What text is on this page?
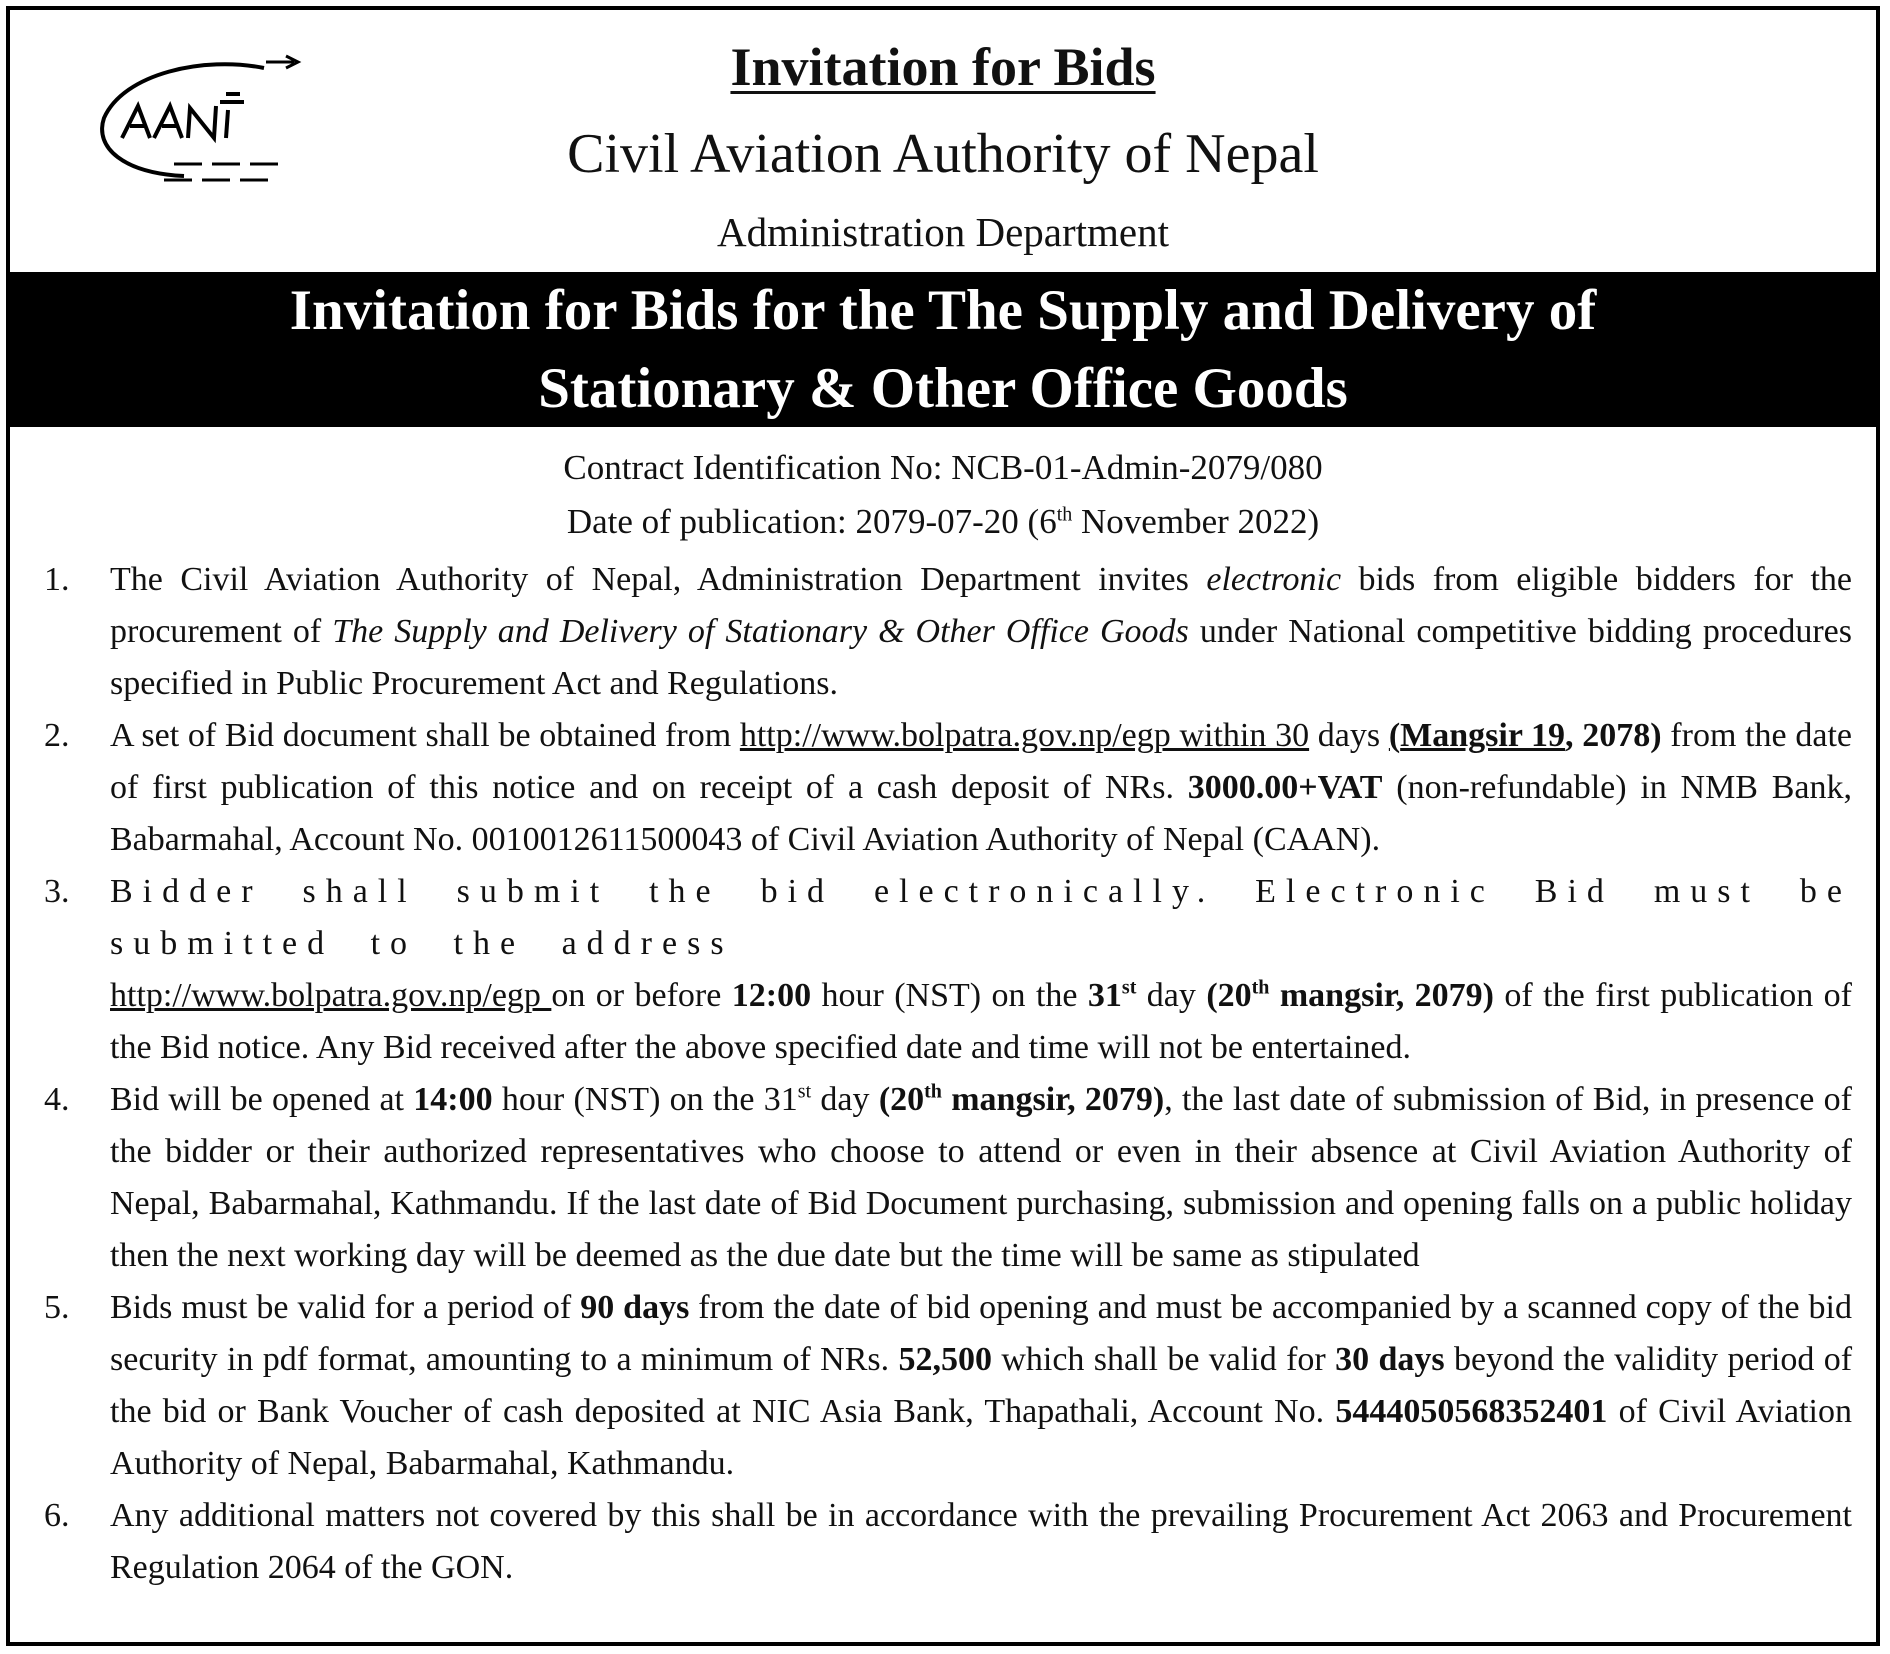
Invitation for Bids
Civil Aviation Authority of Nepal
Administration Department
Invitation for Bids for the The Supply and Delivery of
Stationary & Other Office Goods
Contract Identification No: NCB-01-Admin-2079/080
Date of publication: 2079-07-20 (6th November 2022)
1. The Civil Aviation Authority of Nepal, Administration Department invites electronic bids from eligible bidders for the procurement of The Supply and Delivery of Stationary & Other Office Goods under National competitive bidding procedures specified in Public Procurement Act and Regulations.
2. A set of Bid document shall be obtained from http://www.bolpatra.gov.np/egp within 30 days (Mangsir 19, 2078) from the date of first publication of this notice and on receipt of a cash deposit of NRs. 3000.00+VAT (non-refundable) in NMB Bank, Babarmahal, Account No. 0010012611500043 of Civil Aviation Authority of Nepal (CAAN).
3. Bidder shall submit the bid electronically. Electronic Bid must be submitted to the address
http://www.bolpatra.gov.np/egp on or before 12:00 hour (NST) on the 31st day (20th mangsir, 2079) of the first publication of the Bid notice. Any Bid received after the above specified date and time will not be entertained.
4. Bid will be opened at 14:00 hour (NST) on the 31st day (20th mangsir, 2079), the last date of submission of Bid, in presence of the bidder or their authorized representatives who choose to attend or even in their absence at Civil Aviation Authority of Nepal, Babarmahal, Kathmandu. If the last date of Bid Document purchasing, submission and opening falls on a public holiday then the next working day will be deemed as the due date but the time will be same as stipulated
5. Bids must be valid for a period of 90 days from the date of bid opening and must be accompanied by a scanned copy of the bid security in pdf format, amounting to a minimum of NRs. 52,500 which shall be valid for 30 days beyond the validity period of the bid or Bank Voucher of cash deposited at NIC Asia Bank, Thapathali, Account No. 5444050568352401 of Civil Aviation Authority of Nepal, Babarmahal, Kathmandu.
6. Any additional matters not covered by this shall be in accordance with the prevailing Procurement Act 2063 and Procurement Regulation 2064 of the GON.
